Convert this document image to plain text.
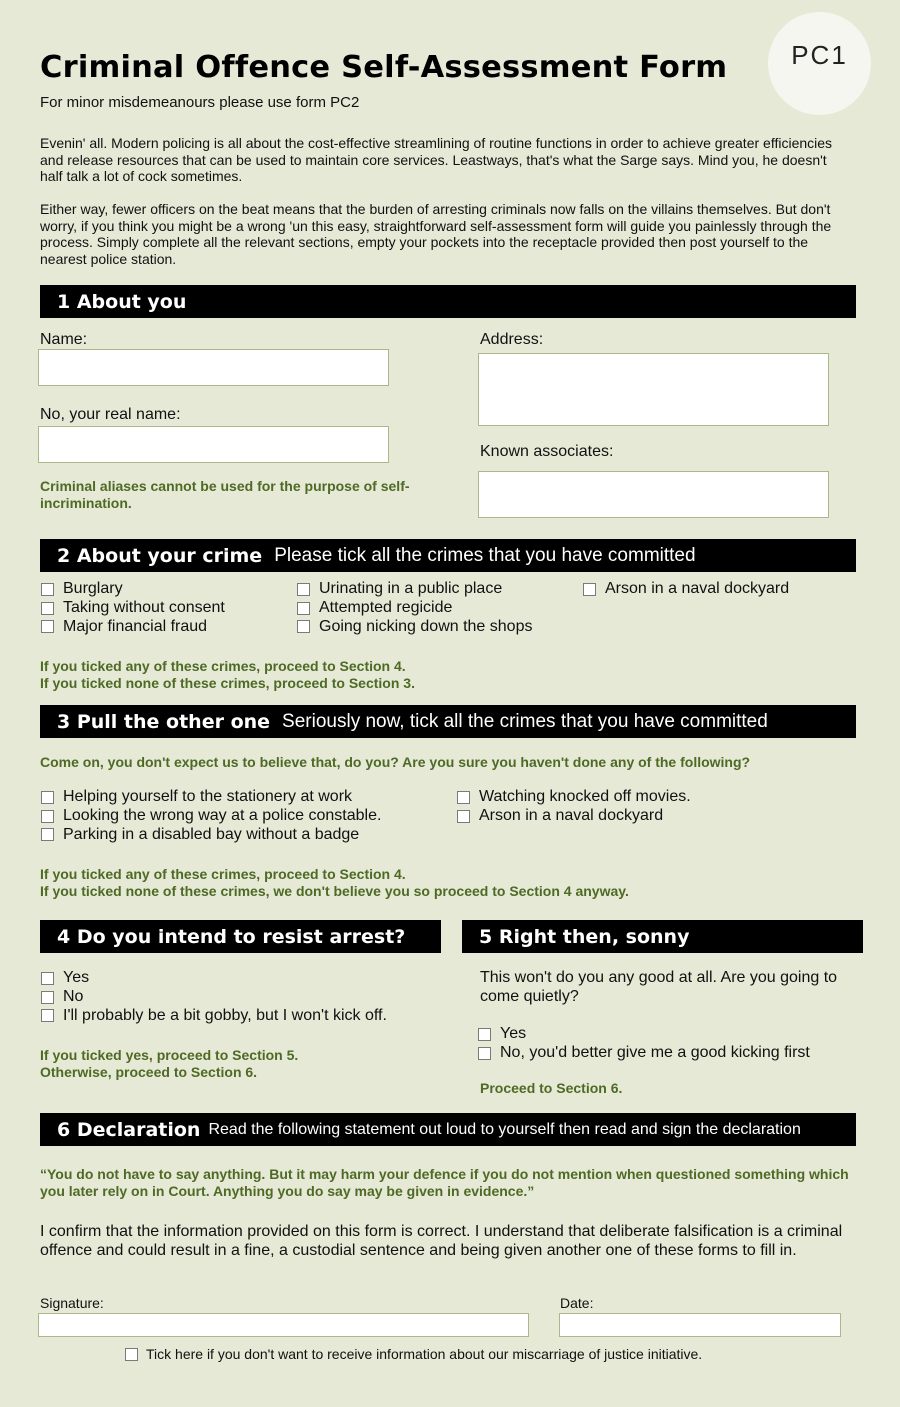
Criminal Offence Self-Assessment Form
For minor misdemeanours please use form PC2
PC1
Evenin' all. Modern policing is all about the cost-effective streamlining of routine functions in order to achieve greater efficiencies and release resources that can be used to maintain core services. Leastways, that's what the Sarge says. Mind you, he doesn't half talk a lot of cock sometimes.
Either way, fewer officers on the beat means that the burden of arresting criminals now falls on the villains themselves. But don't worry, if you think you might be a wrong 'un this easy, straightforward self-assessment form will guide you painlessly through the process. Simply complete all the relevant sections, empty your pockets into the receptacle provided then post yourself to the nearest police station.
1 About you
Name:
No, your real name:
Criminal aliases cannot be used for the purpose of self-incrimination.
Address:
Known associates:
2 About your crime Please tick all the crimes that you have committed
Burglary
Taking without consent
Major financial fraud
Urinating in a public place
Attempted regicide
Going nicking down the shops
Arson in a naval dockyard
If you ticked any of these crimes, proceed to Section 4.
If you ticked none of these crimes, proceed to Section 3.
3 Pull the other one Seriously now, tick all the crimes that you have committed
Come on, you don't expect us to believe that, do you? Are you sure you haven't done any of the following?
Helping yourself to the stationery at work
Looking the wrong way at a police constable.
Parking in a disabled bay without a badge
Watching knocked off movies.
Arson in a naval dockyard
If you ticked any of these crimes, proceed to Section 4.
If you ticked none of these crimes, we don't believe you so proceed to Section 4 anyway.
4 Do you intend to resist arrest?
Yes
No
I'll probably be a bit gobby, but I won't kick off.
If you ticked yes, proceed to Section 5.
Otherwise, proceed to Section 6.
5 Right then, sonny
This won't do you any good at all. Are you going to come quietly?
Yes
No, you'd better give me a good kicking first
Proceed to Section 6.
6 Declaration Read the following statement out loud to yourself then read and sign the declaration
“You do not have to say anything. But it may harm your defence if you do not mention when questioned something which you later rely on in Court. Anything you do say may be given in evidence.”
I confirm that the information provided on this form is correct. I understand that deliberate falsification is a criminal offence and could result in a fine, a custodial sentence and being given another one of these forms to fill in.
Signature:	Date:
Tick here if you don't want to receive information about our miscarriage of justice initiative.
